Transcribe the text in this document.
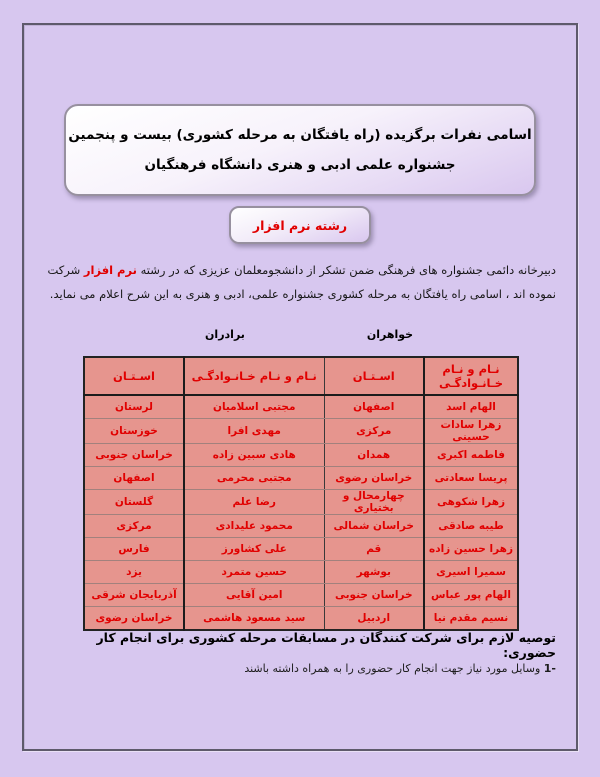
اسامی نفرات برگزیده (راه یافتگان به مرحله کشوری) بیست و پنجمین
جشنواره علمی ادبی و هنری دانشگاه فرهنگیان
رشته نرم افزار
دبیرخانه دائمی جشنواره های فرهنگی ضمن تشکر از دانشجومعلمان عزیزی که در رشته نرم افزار شرکت نموده اند ، اسامی راه یافتگان به مرحله کشوری جشنواره علمی، ادبی و هنری به این شرح اعلام می نماید.
خواهران
برادران
نـام و نـام خـانـوادگـی	اسـتـان	نـام و نـام خـانـوادگـی	اسـتـان
الهام اسد	اصفهان	مجتبی اسلامیان	لرستان
زهرا سادات حسینی	مرکزی	مهدی افرا	خوزستان
فاطمه اکبری	همدان	هادی سبین زاده	خراسان جنوبی
پریسا سعادتی	خراسان رضوی	مجتبی محرمی	اصفهان
زهرا شکوهی	چهارمحال و بختیاری	رضا علم	گلستان
طیبه صادقی	خراسان شمالی	محمود علیدادی	مرکزی
زهرا حسین زاده	قم	علی کشاورز	فارس
سمیرا اسیری	بوشهر	حسین متمرد	یزد
الهام پور عباس	خراسان جنوبی	امین آقایی	آذربایجان شرقی
نسیم مقدم نیا	اردبیل	سید مسعود هاشمی	خراسان رضوی
توصیه لازم برای شرکت کنندگان در مسابقات مرحله کشوری برای انجام کار حضوری:
1- وسایل مورد نیاز جهت انجام کار حضوری را به همراه داشته باشند
